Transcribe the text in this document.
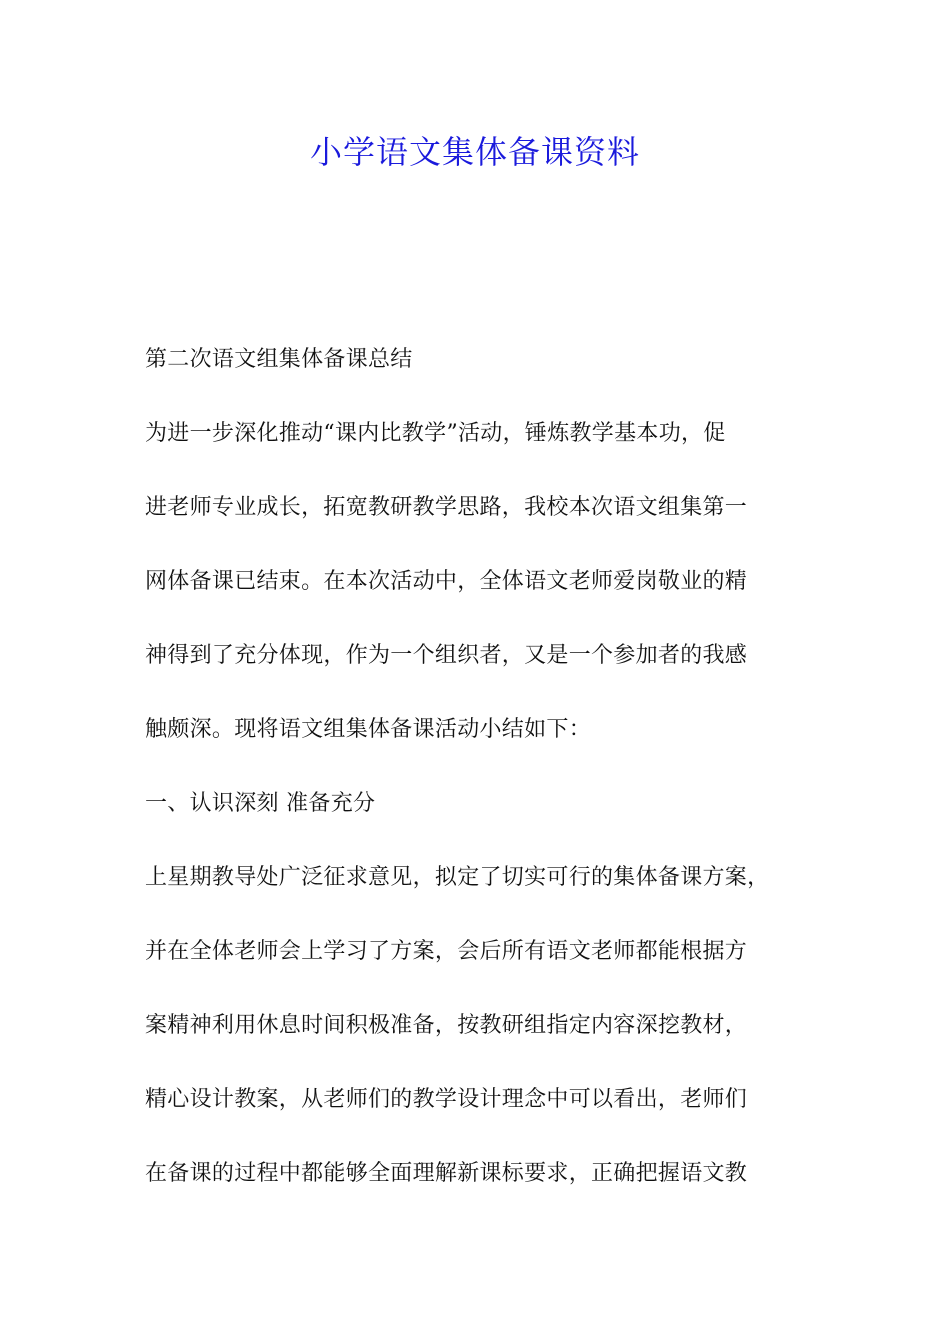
小学语文集体备课资料
第二次语文组集体备课总结
为进一步深化推动“课内比教学”活动，锤炼教学基本功，促
进老师专业成长，拓宽教研教学思路，我校本次语文组集第一
网体备课已结束。在本次活动中，全体语文老师爱岗敬业的精
神得到了充分体现，作为一个组织者，又是一个参加者的我感
触颇深。现将语文组集体备课活动小结如下：
一、认识深刻 准备充分
上星期教导处广泛征求意见，拟定了切实可行的集体备课方案，
并在全体老师会上学习了方案，会后所有语文老师都能根据方
案精神利用休息时间积极准备，按教研组指定内容深挖教材，
精心设计教案，从老师们的教学设计理念中可以看出，老师们
在备课的过程中都能够全面理解新课标要求，正确把握语文教
